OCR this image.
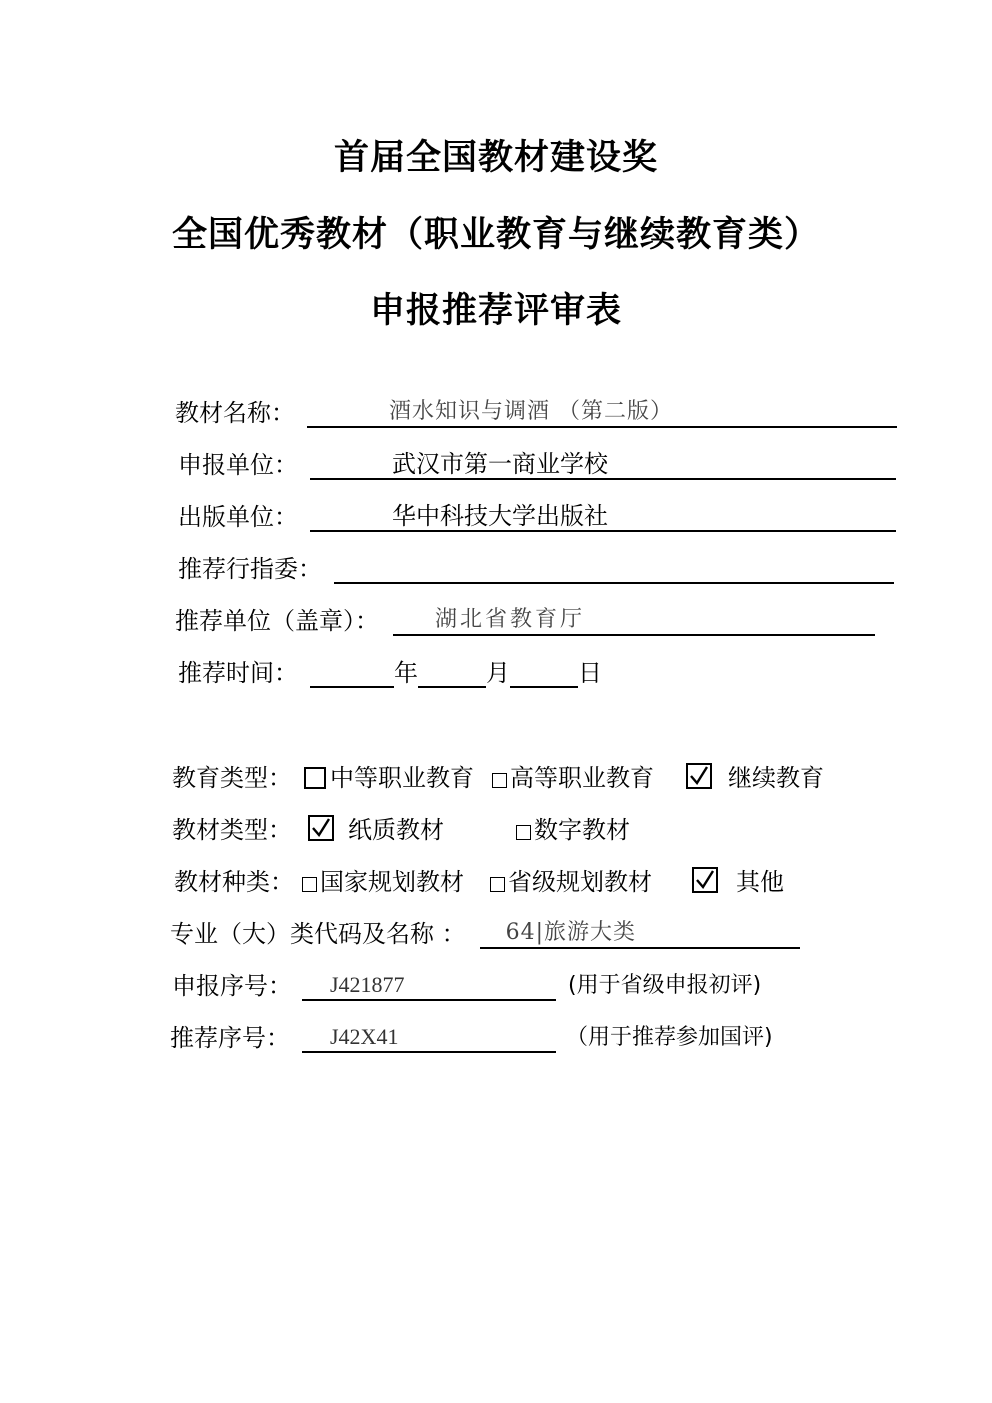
首届全国教材建设奖
全国优秀教材（职业教育与继续教育类）
申报推荐评审表
教材名称：	酒水知识与调酒 （第二版）
申报单位：	武汉市第一商业学校
出版单位：	华中科技大学出版社
推荐行指委：
推荐单位（盖章）：	湖北省教育厅
推荐时间：	年	月	日
教育类型： 中等职业教育 高等职业教育	继续教育
教材类型： 纸质教材	数字教材
教材种类： 国家规划教材 省级规划教材	其他
专业（大）类代码及名称 ： 64|旅游大类
申报序号： J421877	(用于省级申报初评)
推荐序号： J42X41	（用于推荐参加国评)
